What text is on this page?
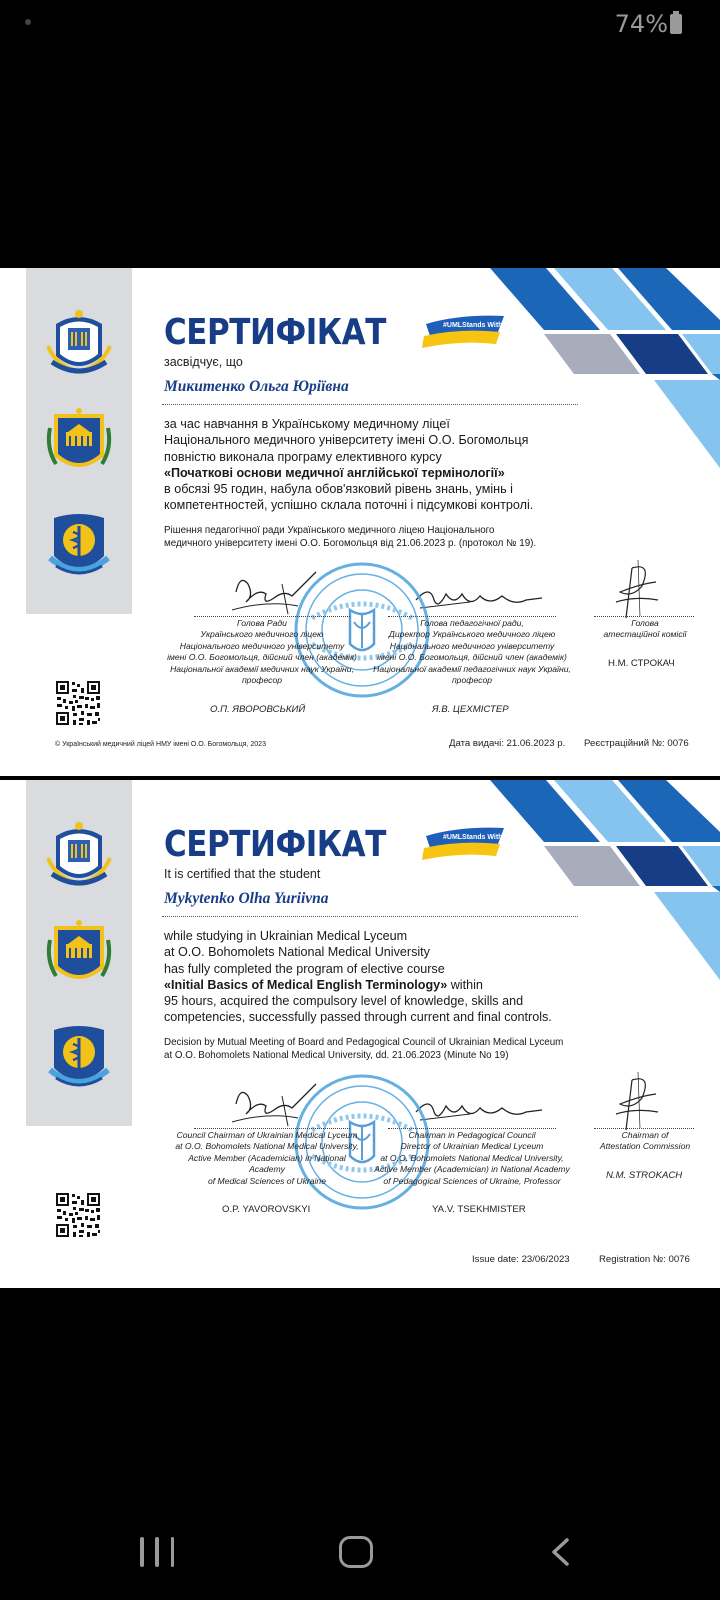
74%
СЕРТИФІКАТ	#UMLStands WithUkraine
засвідчує, що
Микитенко Ольга Юріївна
за час навчання в Українському медичному ліцеї
Національного медичного університету імені О.О. Богомольця
повністю виконала програму елективного курсу
«Початкові основи медичної англійської термінології»
в обсязі 95 годин, набула обов'язковий рівень знань, умінь і
компетентностей, успішно склала поточні і підсумкові контролі.
Рішення педагогічної ради Українського медичного ліцею Національного
медичного університету імені О.О. Богомольця від 21.06.2023 р. (протокол № 19).
Голова Ради
Українського медичного ліцею
Національного медичного університету
імені О.О. Богомольця, дійсний член (академік)
Національної академії медичних наук України,
професор
О.П. ЯВОРОВСЬКИЙ
Голова педагогічної ради,
Директор Українського медичного ліцею
Національного медичного університету
імені О.О. Богомольця, дійсний член (академік)
Національної академії педагогічних наук України,
професор
Я.В. ЦЕХМІСТЕР
Голова
атестаційної комісії
Н.М. СТРОКАЧ
© Український медичний ліцей НМУ імені О.О. Богомольця, 2023	Дата видачі: 21.06.2023 р. Реєстраційний №: 0076
СЕРТИФІКАТ	#UMLStands WithUkraine
It is certified that the student
Mykytenko Olha Yuriivna
while studying in Ukrainian Medical Lyceum
at O.O. Bohomolets National Medical University
has fully completed the program of elective course
«Initial Basics of Medical English Terminology» within
95 hours, acquired the compulsory level of knowledge, skills and
competencies, successfully passed through current and final controls.
Decision by Mutual Meeting of Board and Pedagogical Council of Ukrainian Medical Lyceum
at O.O. Bohomolets National Medical University, dd. 21.06.2023 (Minute No 19)
Council Chairman of Ukrainian Medical Lyceum
at O.O. Bohomolets National Medical University,
Active Member (Academician) in National
Academy
of Medical Sciences of Ukraine
O.P. YAVOROVSKYI
Chairman in Pedagogical Council
Director of Ukrainian Medical Lyceum
at O.O. Bohomolets National Medical University,
Active Member (Academician) in National Academy
of Pedagogical Sciences of Ukraine, Professor
YA.V. TSEKHMISTER
Chairman of
Attestation Commission
N.M. STROKACH
Issue date: 23/06/2023	Registration №: 0076
